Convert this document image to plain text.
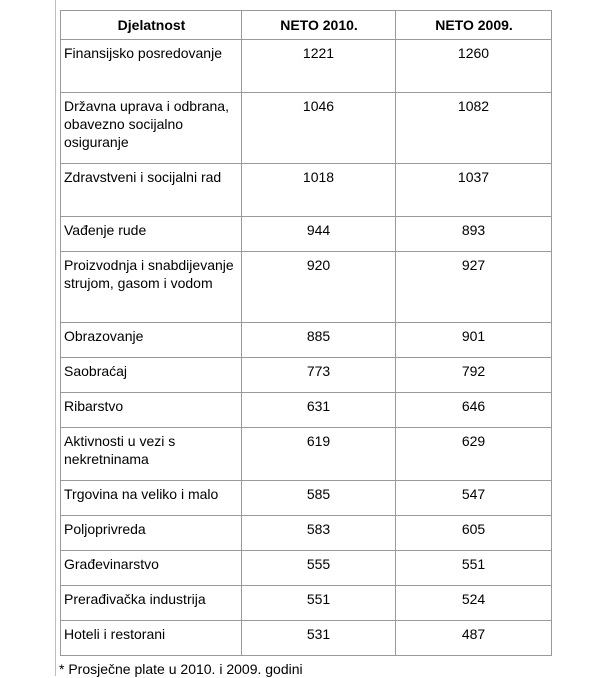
Djelatnost	NETO 2010.	NETO 2009.
Finansijsko posredovanje	1221	1260
Državna uprava i odbrana, obavezno socijalno osiguranje	1046	1082
Zdravstveni i socijalni rad	1018	1037
Vađenje rude	944	893
Proizvodnja i snabdijevanje strujom, gasom i vodom	920	927
Obrazovanje	885	901
Saobraćaj	773	792
Ribarstvo	631	646
Aktivnosti u vezi s nekretninama	619	629
Trgovina na veliko i malo	585	547
Poljoprivreda	583	605
Građevinarstvo	555	551
Prerađivačka industrija	551	524
Hoteli i restorani	531	487
* Prosječne plate u 2010. i 2009. godini
